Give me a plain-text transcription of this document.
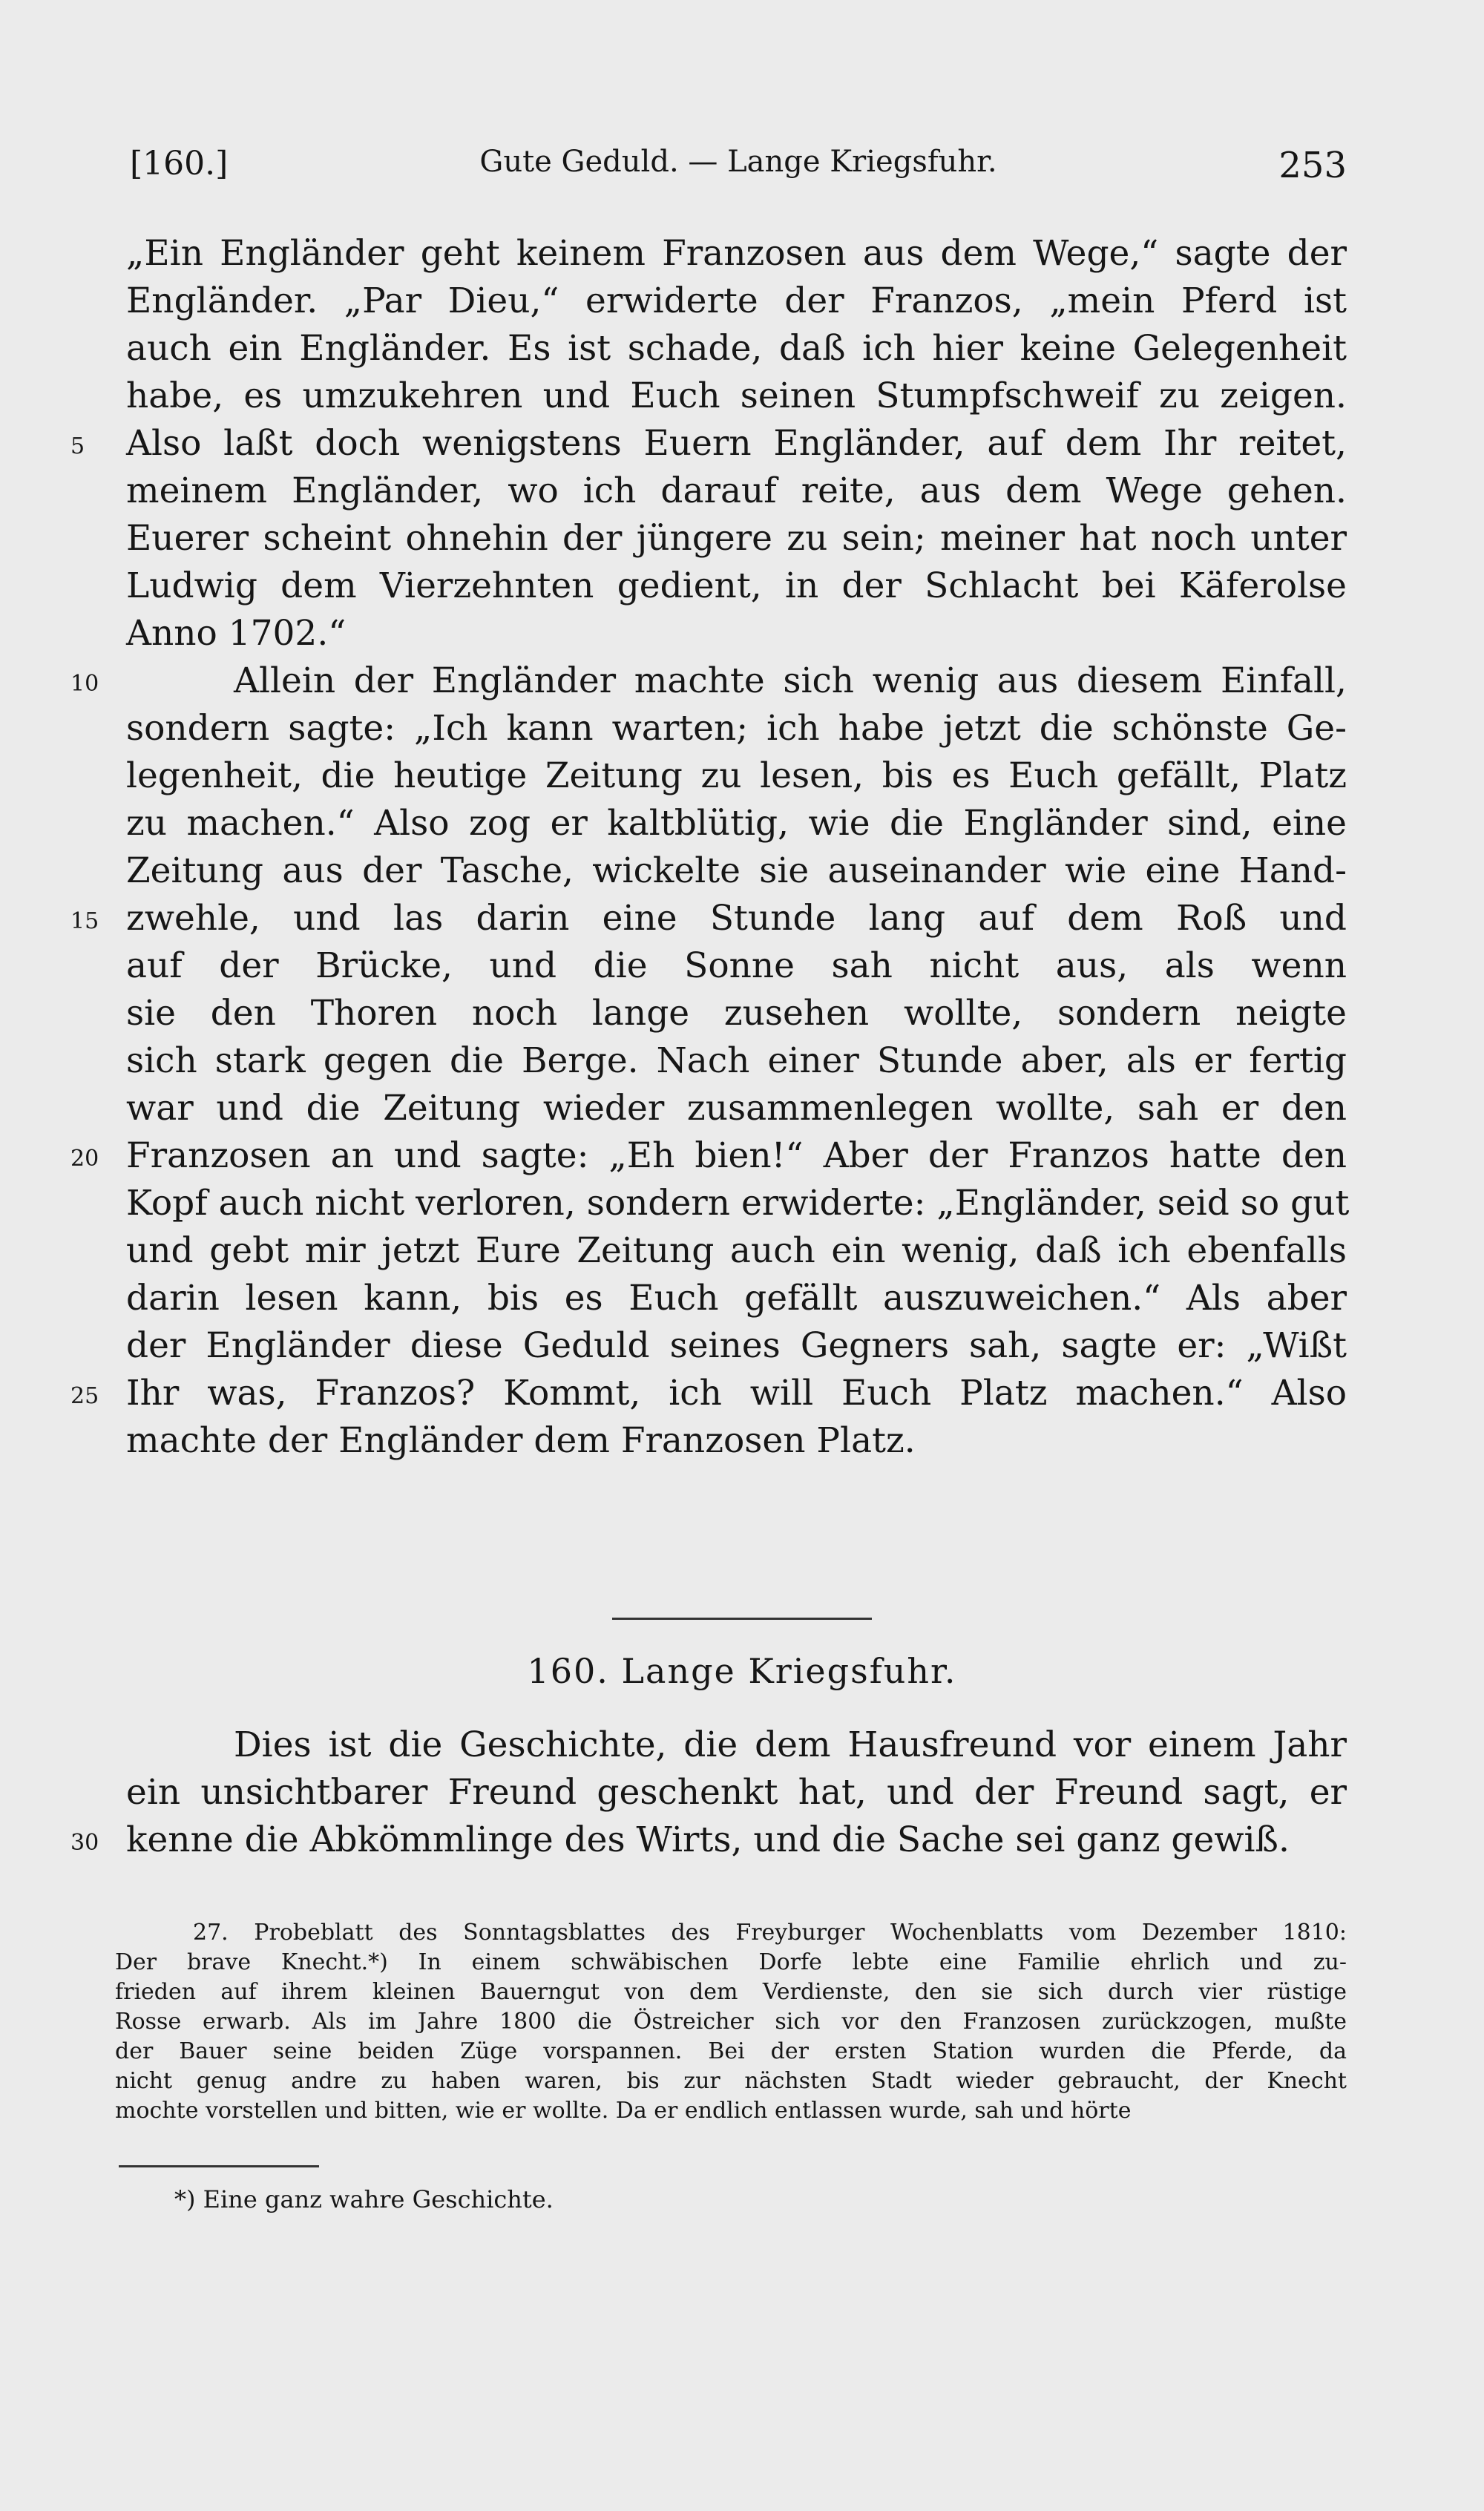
[160.]	Gute Geduld. — Lange Kriegsfuhr.	253
„Ein Engländer geht keinem Franzosen aus dem Wege,“ sagte der
Engländer. „Par Dieu,“ erwiderte der Franzos, „mein Pferd ist
auch ein Engländer. Es ist schade, daß ich hier keine Gelegenheit
habe, es umzukehren und Euch seinen Stumpfschweif zu zeigen.
5	Also laßt doch wenigstens Euern Engländer, auf dem Ihr reitet,
meinem Engländer, wo ich darauf reite, aus dem Wege gehen.
Euerer scheint ohnehin der jüngere zu sein; meiner hat noch unter
Ludwig dem Vierzehnten gedient, in der Schlacht bei Käferolse
Anno 1702.“
10	Allein der Engländer machte sich wenig aus diesem Einfall,
sondern sagte: „Ich kann warten; ich habe jetzt die schönste Ge-
legenheit, die heutige Zeitung zu lesen, bis es Euch gefällt, Platz
zu machen.“ Also zog er kaltblütig, wie die Engländer sind, eine
Zeitung aus der Tasche, wickelte sie auseinander wie eine Hand-
15 zwehle, und las darin eine Stunde lang auf dem Roß und
auf der Brücke, und die Sonne sah nicht aus, als wenn
sie den Thoren noch lange zusehen wollte, sondern neigte
sich stark gegen die Berge. Nach einer Stunde aber, als er fertig
war und die Zeitung wieder zusammenlegen wollte, sah er den
20 Franzosen an und sagte: „Eh bien!“ Aber der Franzos hatte den
Kopf auch nicht verloren, sondern erwiderte: „Engländer, seid so gut
und gebt mir jetzt Eure Zeitung auch ein wenig, daß ich ebenfalls
darin lesen kann, bis es Euch gefällt auszuweichen.“ Als aber
der Engländer diese Geduld seines Gegners sah, sagte er: „Wißt
25 Ihr was, Franzos? Kommt, ich will Euch Platz machen.“ Also
machte der Engländer dem Franzosen Platz.
160. Lange Kriegsfuhr.
Dies ist die Geschichte, die dem Hausfreund vor einem Jahr
ein unsichtbarer Freund geschenkt hat, und der Freund sagt, er
30 kenne die Abkömmlinge des Wirts, und die Sache sei ganz gewiß.
27. Probeblatt des Sonntagsblattes des Freyburger Wochenblatts vom Dezember 1810:
Der brave Knecht.*) In einem schwäbischen Dorfe lebte eine Familie ehrlich und zu-
frieden auf ihrem kleinen Bauerngut von dem Verdienste, den sie sich durch vier rüstige
Rosse erwarb. Als im Jahre 1800 die Östreicher sich vor den Franzosen zurückzogen, mußte
der Bauer seine beiden Züge vorspannen. Bei der ersten Station wurden die Pferde, da
nicht genug andre zu haben waren, bis zur nächsten Stadt wieder gebraucht, der Knecht
mochte vorstellen und bitten, wie er wollte. Da er endlich entlassen wurde, sah und hörte
*) Eine ganz wahre Geschichte.
